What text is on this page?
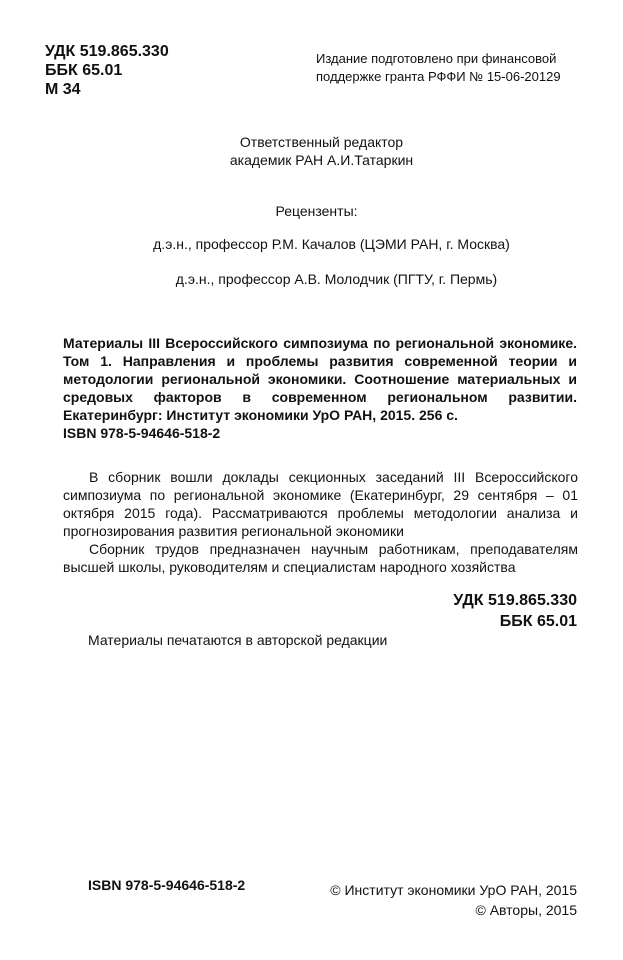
УДК 519.865.330
ББК 65.01
М 34
Издание подготовлено при финансовой
поддержке гранта РФФИ № 15-06-20129
Ответственный редактор
академик РАН А.И.Татаркин
Рецензенты:
д.э.н., профессор Р.М. Качалов (ЦЭМИ РАН, г. Москва)
д.э.н., профессор А.В. Молодчик (ПГТУ, г. Пермь)

Материалы III Всероссийского симпозиума по региональной экономике. Том 1. Направления и проблемы развития современной теории и методологии региональной экономики. Соотношение материальных и средовых факторов в современном региональном развитии. Екатеринбург: Институт экономики УрО РАН, 2015. 256 с.

ISBN 978-5-94646-518-2

В сборник вошли доклады секционных заседаний III Всероссийского симпозиума по региональной экономике (Екатеринбург, 29 сентября – 01 октября 2015 года). Рассматриваются проблемы методологии анализа и прогнозирования развития региональной экономики

Сборник трудов предназначен научным работникам, преподавателям высшей школы, руководителям и специалистам народного хозяйства

УДК 519.865.330
ББК 65.01
Материалы печатаются в авторской редакции
ISBN 978-5-94646-518-2	© Институт экономики УрО РАН, 2015
© Авторы, 2015
